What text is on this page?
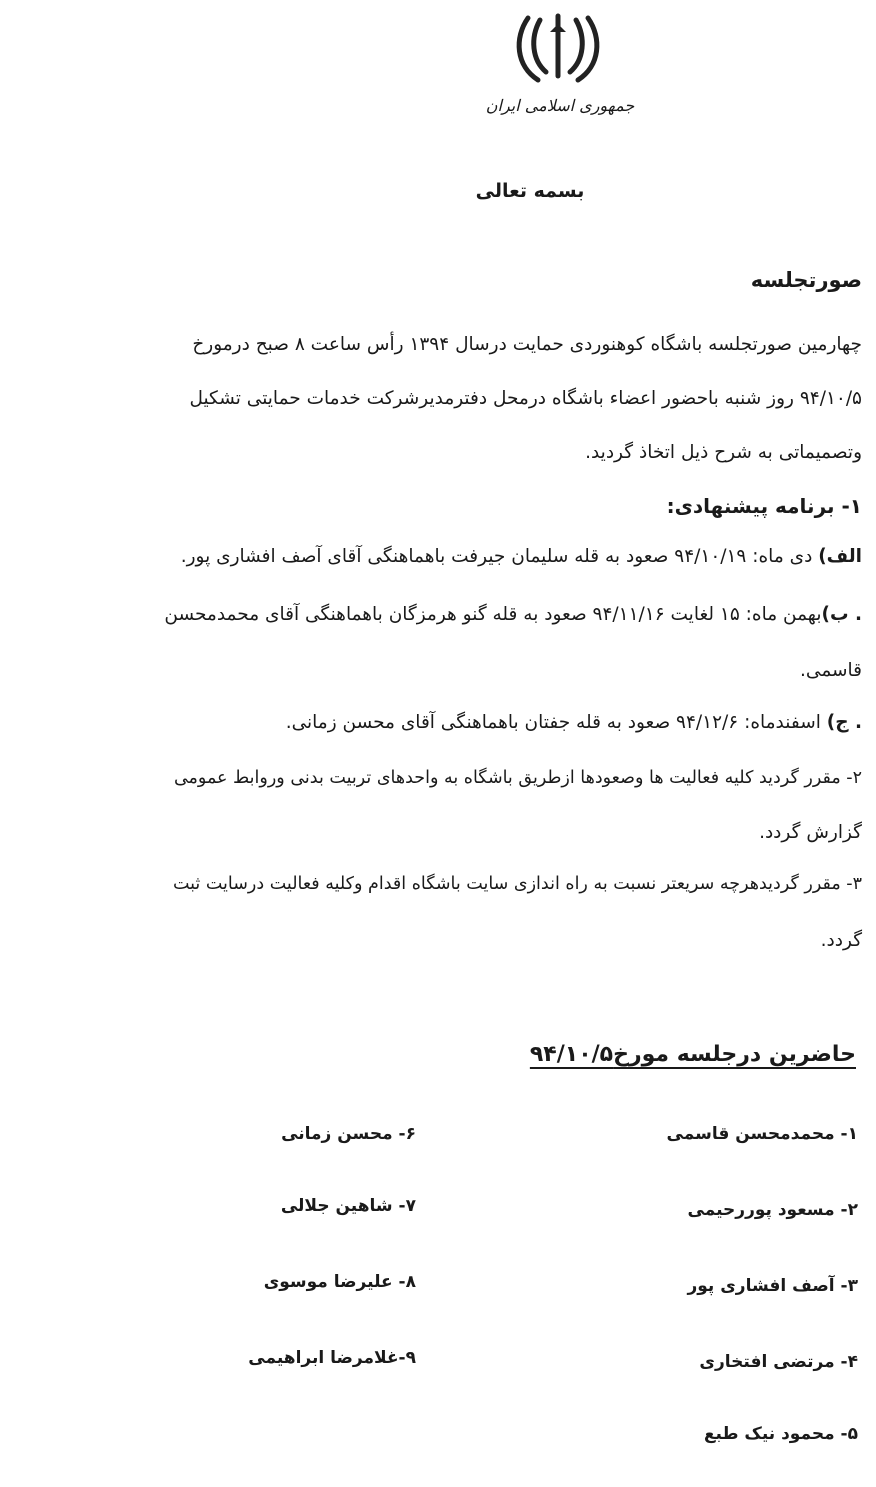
جمهوری اسلامی ایران
بسمه تعالی
صورتجلسه
چهارمین صورتجلسه باشگاه کوهنوردی حمایت درسال ۱۳۹۴ رأس ساعت ۸ صبح درمورخ
۹۴/۱۰/۵ روز شنبه باحضور اعضاء باشگاه درمحل دفترمدیرشرکت خدمات حمایتی تشکیل
وتصمیماتی به شرح ذیل اتخاذ گردید.
۱- برنامه پیشنهادی:
الف) دی ماه: ۹۴/۱۰/۱۹ صعود به قله سلیمان جیرفت باهماهنگی آقای آصف افشاری پور.
. ب)بهمن ماه: ۱۵ لغایت ۹۴/۱۱/۱۶ صعود به قله گنو هرمزگان باهماهنگی آقای محمدمحسن
قاسمی.
. ج) اسفندماه: ۹۴/۱۲/۶ صعود به قله جفتان باهماهنگی آقای محسن زمانی.
۲- مقرر گردید کلیه فعالیت ها وصعودها ازطریق باشگاه به واحدهای تربیت بدنی وروابط عمومی
گزارش گردد.
۳- مقرر گردیدهرچه سریعتر نسبت به راه اندازی سایت باشگاه اقدام وکلیه فعالیت درسایت ثبت
گردد.
حاضرین درجلسه مورخ۹۴/۱۰/۵
۱- محمدمحسن قاسمی
۲- مسعود پوررحیمی
۳- آصف افشاری پور
۴- مرتضی افتخاری
۵- محمود نیک طبع
۶- محسن زمانی
۷- شاهین جلالی
۸- علیرضا موسوی
۹-غلامرضا ابراهیمی
